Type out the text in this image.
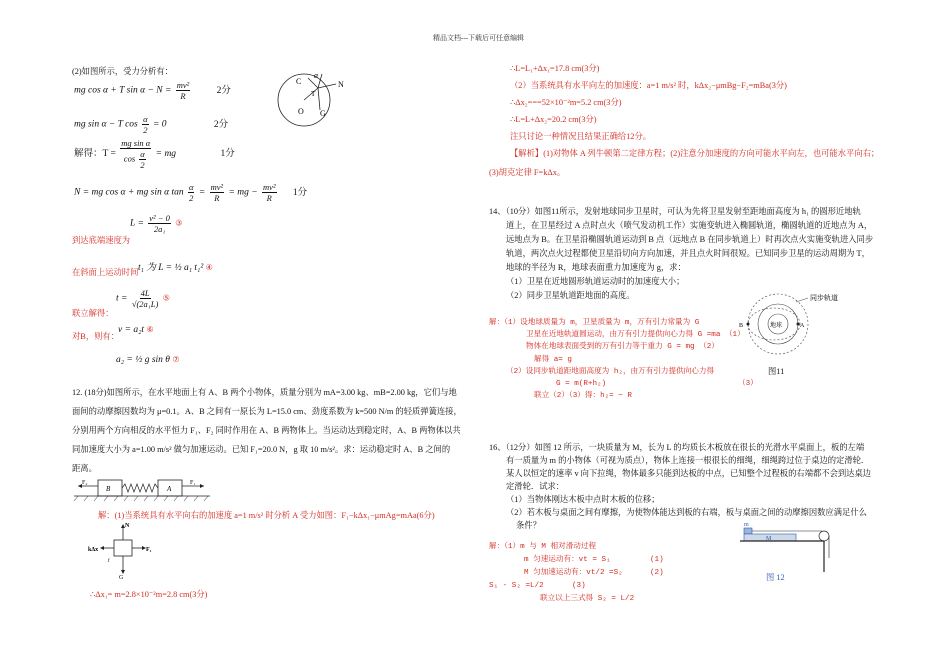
精品文档---下载后可任意编辑
(2)如图所示，受力分析有：
mg cos α + T $\sin \alpha - N = \frac{\text{mv²}}{R}$	2分
mg sin α − T $\cos \frac{\alpha}{2} = 0$	2分
解得：$T = \frac{\text{mg sin α}}{\cos \frac{\alpha}{2}}$ = mg	1分
N = mg cos α + mg sin α $\tan \frac{\alpha}{2} = \frac{\text{mv²}}{R}$ = mg − $\frac{\text{mv²}}{R} 1$分
C
α
N
T
O G
到达底端速度为
$L = \frac{\text{v² − 0}}{\text{2a₁}}$ ③
在斜面上运动时间 t₁ 为 L = ½ a₁ t₁² ④
联立解得：
$t = \frac{4L}{\text{√(2a₁L)}}$ ⑤
对B，则有：
v = a₂t ⑥
a₂ = ½ g sin θ ⑦
12. (18分)如图所示，在水平地面上有 A、B 两个小物体，质量分别为 mA=3.00 kg、mB=2.00 kg，它们与地
面间的动摩擦因数均为 μ=0.1。A、B 之间有一原长为 L=15.0 cm、劲度系数为 k=500 N/m 的轻质弹簧连接，
分别用两个方向相反的水平恒力 F₁、F₂ 同时作用在 A、B 两物体上。当运动达到稳定时，A、B 两物体以共
同加速度大小为 a=1.00 m/s² 做匀加速运动。已知 F₁=20.0 N，g 取 10 m/s²。求：运动稳定时 A、B 之间的
距离。
F₂
B	A
F₁
解：(1)当系统具有水平向右的加速度 a=1 m/s² 时分析 A 受力如图：F₁−kΔx₁−μmAg=mAa(6分)
N
G
kΔx	F₁
f
∴Δx₁= m=2.8×10⁻²m=2.8 cm(3分)
∴L=L₁+Δx₁=17.8 cm(3分)
（2）当系统具有水平向左的加速度：a=1 m/s² 时，kΔx₂−μmBg−F₂=mBa(3分)
∴Δx₂===52×10⁻²m=5.2 cm(3分)
∴L=L+Δx₂=20.2 cm(3分)
注只讨论一种情况且结果正确给12分。
【解析】(1)对物体 A 列牛顿第二定律方程；(2)注意分加速度的方向可能水平向左，也可能水平向右；
(3)胡克定律 F=kΔx。
14、（10分）如图11所示，发射地球同步卫星时，可认为先将卫星发射至距地面高度为 h₁ 的圆形近地轨
道上，在卫星经过 A 点时点火（喷气发动机工作）实施变轨进入椭圆轨道，椭圆轨道的近地点为 A，
远地点为 B。在卫星沿椭圆轨道运动到 B 点（远地点 B 在同步轨道上）时再次点火实施变轨进入同步
轨道，两次点火过程都使卫星沿切向方向加速，并且点火时间很短。已知同步卫星的运动周期为 T，
地球的半径为 R，地球表面重力加速度为 g，求：
（1）卫星在近地圆形轨道运动时的加速度大小；
（2）同步卫星轨道距地面的高度。
地球
B	A
同步轨道
图11
解：（1）设地球质量为 m，卫星质量为 m，万有引力常量为 G
卫星在近地轨道圆运动，由万有引力提供向心力得 G =ma （1）
物体在地球表面受到的万有引力等于重力 G = mg （2）
解得 a= g
（2）设同步轨道距地面高度为 h₂，由万有引力提供向心力得
G = m(R+h₂)	（3）
联立（2）（3）得：h₂= − R
16、（12分）如图 12 所示，一块质量为 M，长为 L 的均质长木板放在很长的光滑水平桌面上，板的左端
有一质量为 m 的小物体（可视为质点），物体上连接一根很长的细绳，细绳跨过位于桌边的定滑轮．
某人以恒定的速率 v 向下拉绳，物体最多只能到达板的中点，已知整个过程板的右端都不会到达桌边
定滑轮．试求：
（1）当物体刚达木板中点时木板的位移；
（2）若木板与桌面之间有摩擦，为使物体能达到板的右端，板与桌面之间的动摩擦因数应满足什么
条件？	m
M
图 12
解：（1）m 与 M 相对滑动过程
m 匀速运动有：vt = S₁	(1)
M 匀加速运动有：vt/2 =S₂	(2)
S₁ - S₂ =L/2	(3)
联立以上三式得 S₂ = L/2
